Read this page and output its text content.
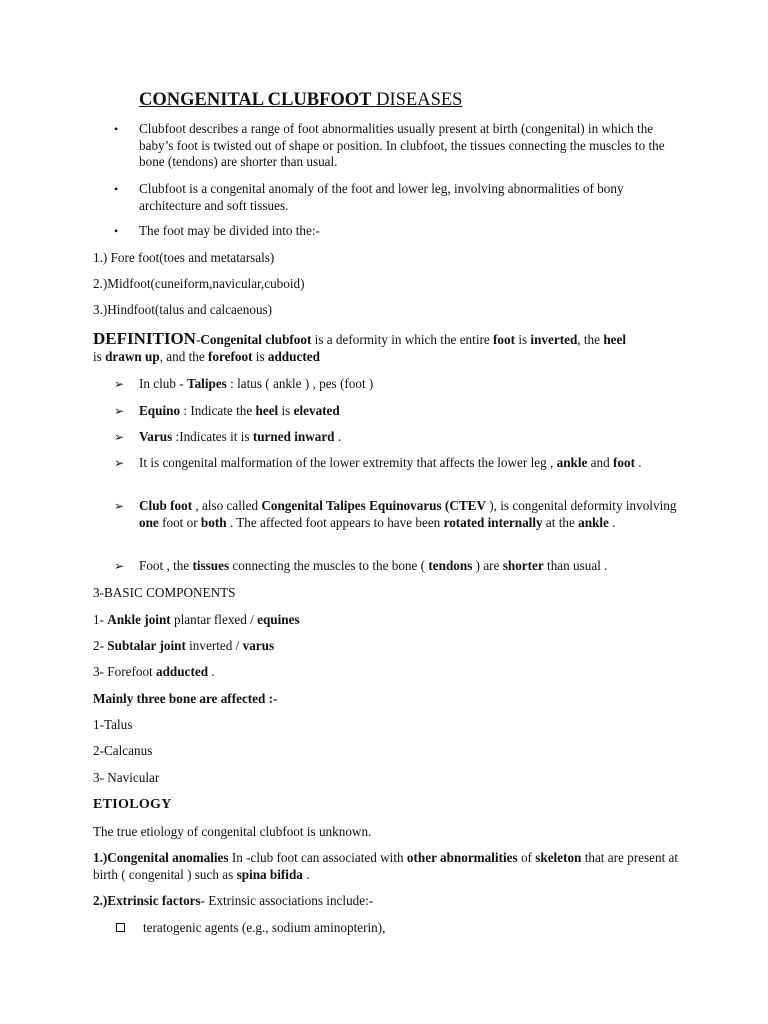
CONGENITAL CLUBFOOT DISEASES
• Clubfoot describes a range of foot abnormalities usually present at birth (congenital) in which the baby’s foot is twisted out of shape or position. In clubfoot, the tissues connecting the muscles to the bone (tendons) are shorter than usual.
• Clubfoot is a congenital anomaly of the foot and lower leg, involving abnormalities of bony architecture and soft tissues.
• The foot may be divided into the:-
1.) Fore foot(toes and metatarsals)
2.)Midfoot(cuneiform,navicular,cuboid)
3.)Hindfoot(talus and calcaenous)
DEFINITION-Congenital clubfoot is a deformity in which the entire foot is inverted, the heel
is drawn up, and the forefoot is adducted
➢ In club - Talipes : latus ( ankle ) , pes (foot )
➢ Equino : Indicate the heel is elevated
➢ Varus :Indicates it is turned inward .
➢ It is congenital malformation of the lower extremity that affects the lower leg , ankle and foot .
➢ Club foot , also called Congenital Talipes Equinovarus (CTEV ), is congenital deformity involving one foot or both . The affected foot appears to have been rotated internally at the ankle .
➢ Foot , the tissues connecting the muscles to the bone ( tendons ) are shorter than usual .
3-BASIC COMPONENTS
1- Ankle joint plantar flexed / equines
2- Subtalar joint inverted / varus
3- Forefoot adducted .
Mainly three bone are affected :-
1-Talus
2-Calcanus
3- Navicular
ETIOLOGY
The true etiology of congenital clubfoot is unknown.
1.)Congenital anomalies In -club foot can associated with other abnormalities of skeleton that are present at birth ( congenital ) such as spina bifida .
2.)Extrinsic factors- Extrinsic associations include:-
teratogenic agents (e.g., sodium aminopterin),
